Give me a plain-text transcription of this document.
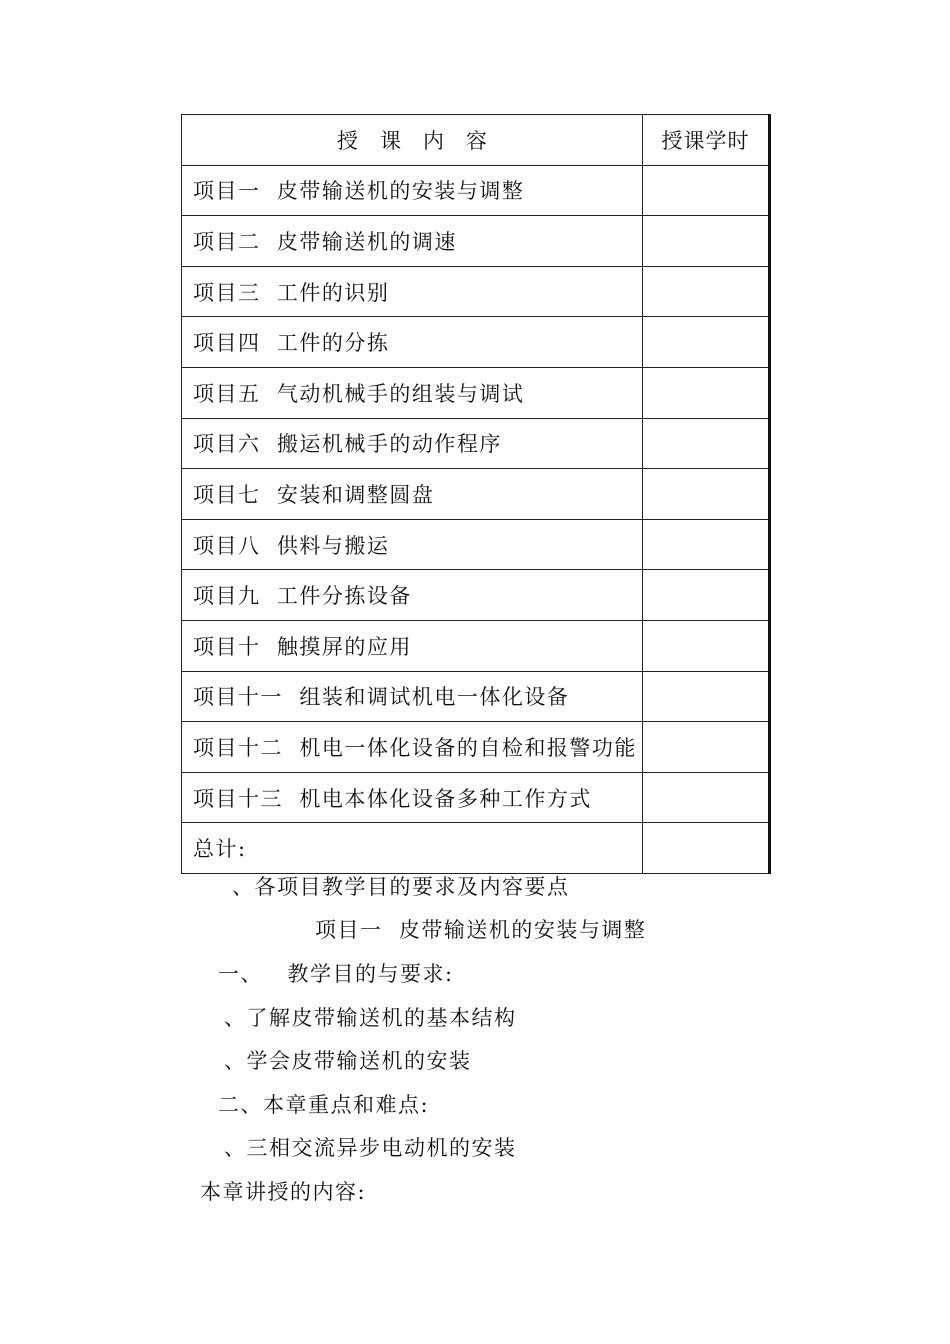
授课内容	授课学时
项目一  皮带输送机的安装与调整	
项目二  皮带输送机的调速	
项目三  工件的识别	
项目四  工件的分拣	
项目五  气动机械手的组装与调试	
项目六  搬运机械手的动作程序	
项目七  安装和调整圆盘	
项目八  供料与搬运	
项目九  工件分拣设备	
项目十  触摸屏的应用	
项目十一  组装和调试机电一体化设备	
项目十二  机电一体化设备的自检和报警功能	
项目十三  机电本体化设备多种工作方式	
总计:	
、各项目教学目的要求及内容要点
项目一  皮带输送机的安装与调整
一、   教学目的与要求:
、了解皮带输送机的基本结构
、学会皮带输送机的安装
二、本章重点和难点:
、三相交流异步电动机的安装
本章讲授的内容:
